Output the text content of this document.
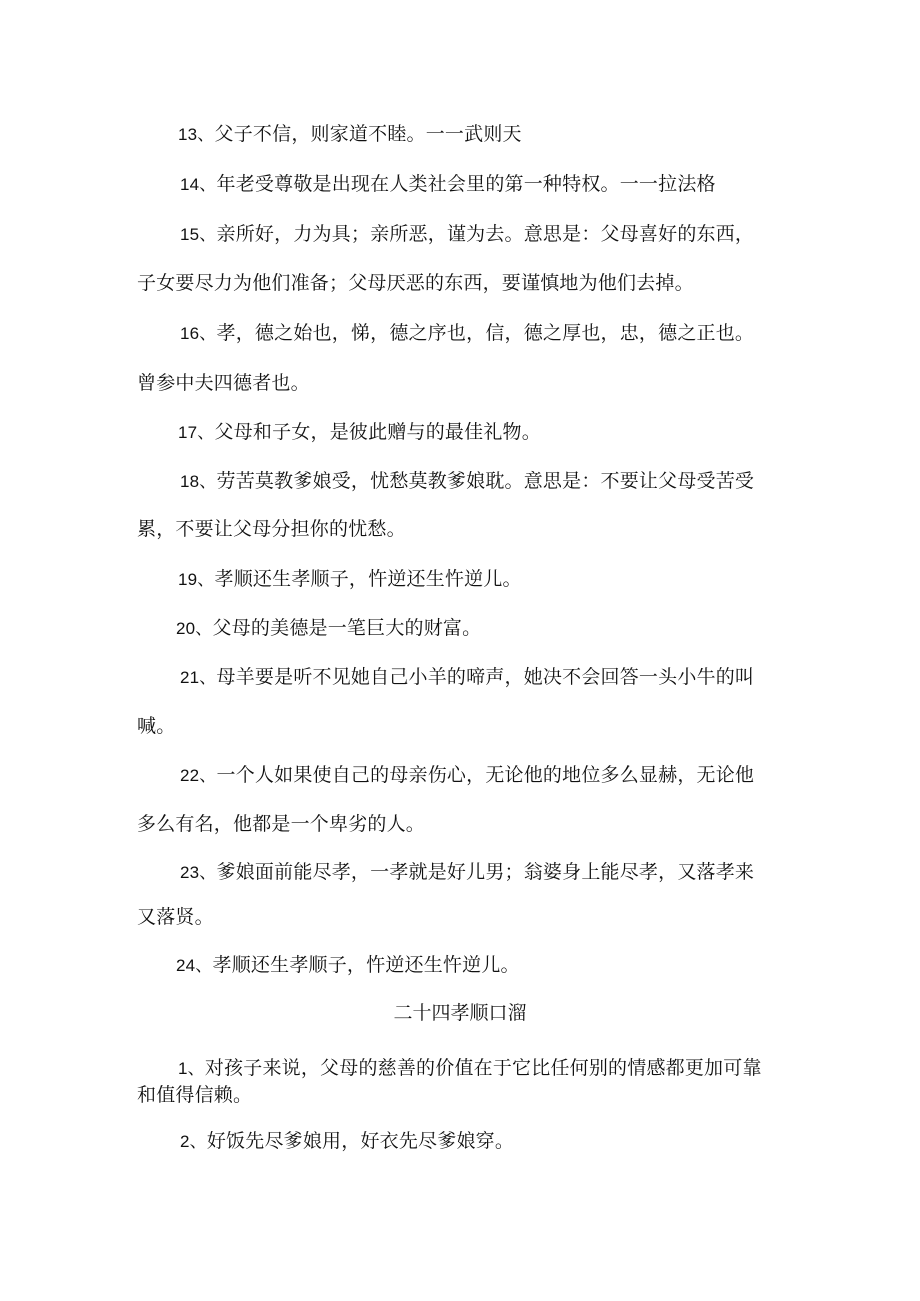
13、父子不信，则家道不睦。一一武则天
14、年老受尊敬是出现在人类社会里的第一种特权。一一拉法格
15、亲所好，力为具；亲所恶，谨为去。意思是：父母喜好的东西，
子女要尽力为他们准备；父母厌恶的东西，要谨慎地为他们去掉。
16、孝，德之始也，悌，德之序也，信，德之厚也，忠，德之正也。
曾参中夫四德者也。
17、父母和子女，是彼此赠与的最佳礼物。
18、劳苦莫教爹娘受，忧愁莫教爹娘耽。意思是：不要让父母受苦受
累，不要让父母分担你的忧愁。
19、孝顺还生孝顺子，忤逆还生忤逆儿。
20、父母的美德是一笔巨大的财富。
21、母羊要是听不见她自己小羊的啼声，她决不会回答一头小牛的叫
喊。
22、一个人如果使自己的母亲伤心，无论他的地位多么显赫，无论他
多么有名，他都是一个卑劣的人。
23、爹娘面前能尽孝，一孝就是好儿男；翁婆身上能尽孝，又落孝来
又落贤。
24、孝顺还生孝顺子，忤逆还生忤逆儿。
二十四孝顺口溜
1、对孩子来说，父母的慈善的价值在于它比任何别的情感都更加可靠
和值得信赖。
2、好饭先尽爹娘用，好衣先尽爹娘穿。
